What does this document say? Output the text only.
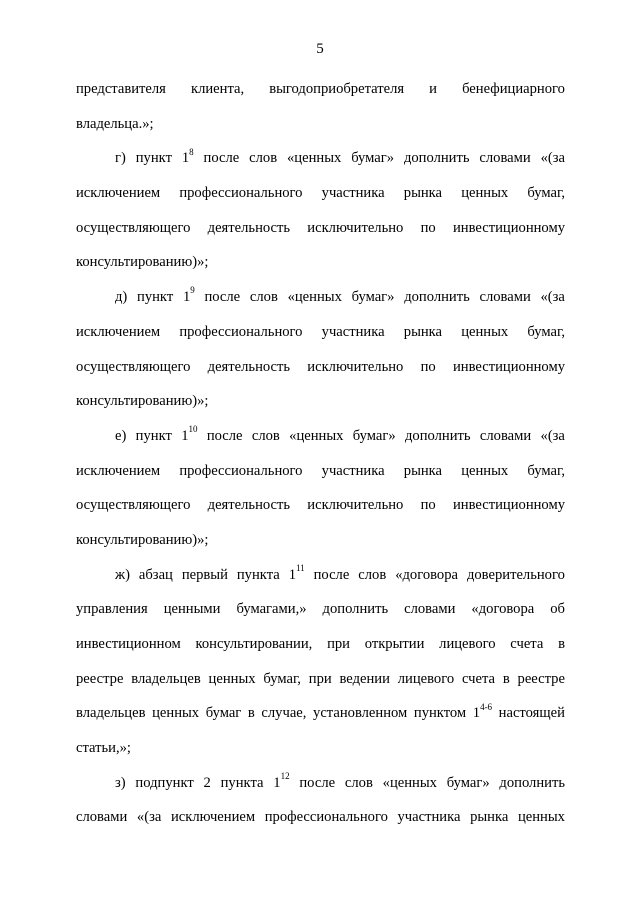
5
представителя клиента, выгодоприобретателя и бенефициарного
владельца.»;
г) пункт $1^8$ после слов «ценных бумаг» дополнить словами «(за
исключением профессионального участника рынка ценных бумаг,
осуществляющего деятельность исключительно по инвестиционному
консультированию)»;
д) пункт $1^9$ после слов «ценных бумаг» дополнить словами «(за
исключением профессионального участника рынка ценных бумаг,
осуществляющего деятельность исключительно по инвестиционному
консультированию)»;
е) пункт $1^{10}$ после слов «ценных бумаг» дополнить словами «(за
исключением профессионального участника рынка ценных бумаг,
осуществляющего деятельность исключительно по инвестиционному
консультированию)»;
ж) абзац первый пункта $1^{11}$ после слов «договора доверительного
управления ценными бумагами,» дополнить словами «договора об
инвестиционном консультировании, при открытии лицевого счета в
реестре владельцев ценных бумаг, при ведении лицевого счета в реестре
владельцев ценных бумаг в случае, установленном пунктом 1$^{4-6}$ настоящей
статьи,»;
з) подпункт 2 пункта $1^{12}$ после слов «ценных бумаг» дополнить
словами «(за исключением профессионального участника рынка ценных
